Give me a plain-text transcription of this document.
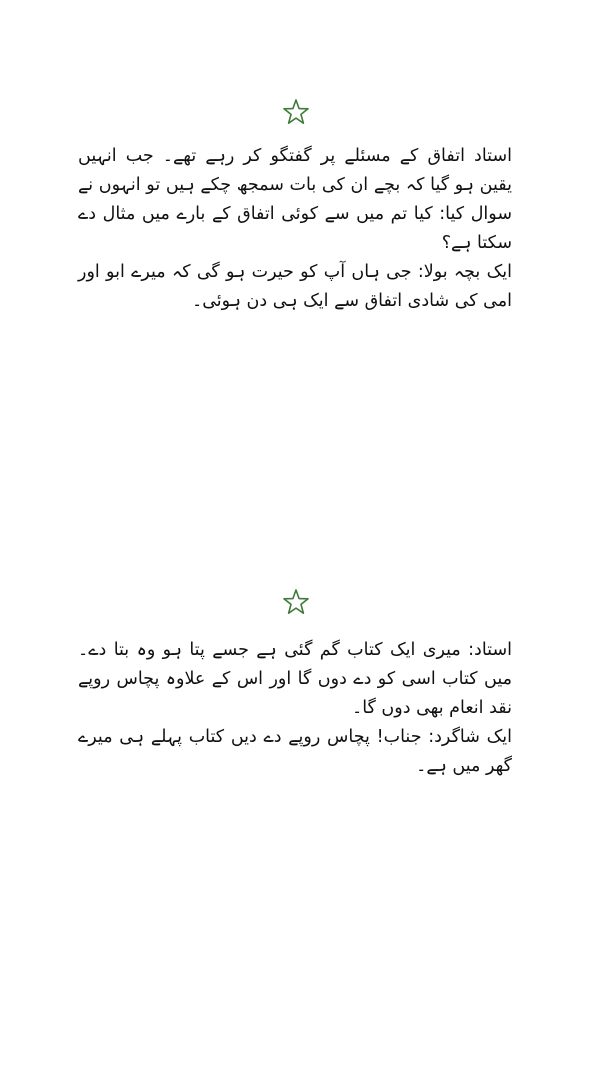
استاد اتفاق کے مسئلے پر گفتگو کر رہے تھے۔ جب انہیں یقین ہو گیا کہ بچے ان کی بات سمجھ چکے ہیں تو انہوں نے سوال کیا: کیا تم میں سے کوئی اتفاق کے بارے میں مثال دے سکتا ہے؟

ایک بچہ بولا: جی ہاں آپ کو حیرت ہو گی کہ میرے ابو اور امی کی شادی اتفاق سے ایک ہی دن ہوئی۔

استاد: میری ایک کتاب گم گئی ہے جسے پتا ہو وہ بتا دے۔ میں کتاب اسی کو دے دوں گا اور اس کے علاوہ پچاس روپے نقد انعام بھی دوں گا۔

ایک شاگرد: جناب! پچاس روپے دے دیں کتاب پہلے ہی میرے گھر میں ہے۔
